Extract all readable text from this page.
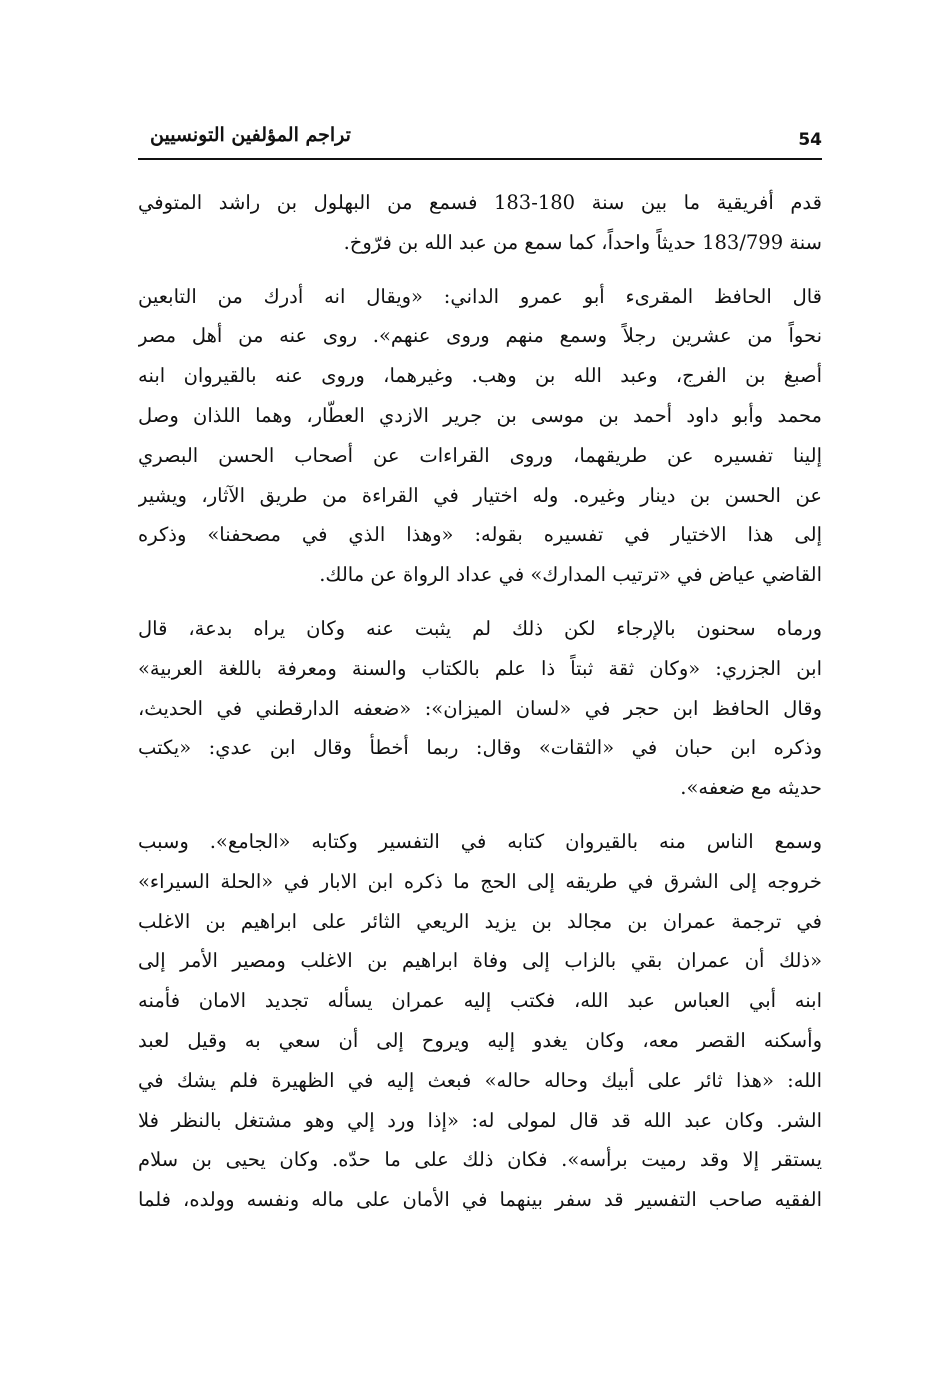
54
تراجم المؤلفين التونسيين
قدم أفريقية ما بين سنة 180-183 فسمع من البهلول بن راشد المتوفي
سنة 183/799 حديثاً واحداً، كما سمع من عبد الله بن فرّوخ.
قال الحافظ المقرىء أبو عمرو الداني: «ويقال انه أدرك من التابعين
نحواً من عشرين رجلاً وسمع منهم وروى عنهم». روى عنه من أهل مصر
أصبغ بن الفرج، وعبد الله بن وهب. وغيرهما، وروى عنه بالقيروان ابنه
محمد وأبو داود أحمد بن موسى بن جرير الازدي العطّار، وهما اللذان وصل
إلينا تفسيره عن طريقهما، وروى القراءات عن أصحاب الحسن البصري
عن الحسن بن دينار وغيره. وله اختيار في القراءة من طريق الآثار، ويشير
إلى هذا الاختيار في تفسيره بقوله: «وهذا الذي في مصحفنا» وذكره
القاضي عياض في «ترتيب المدارك» في عداد الرواة عن مالك.
ورماه سحنون بالإرجاء لكن ذلك لم يثبت عنه وكان يراه بدعة، قال
ابن الجزري: «وكان ثقة ثبتاً ذا علم بالكتاب والسنة ومعرفة باللغة العربية»
وقال الحافظ ابن حجر في «لسان الميزان»: «ضعفه الدارقطني في الحديث،
وذكره ابن حبان في «الثقات» وقال: ربما أخطأ وقال ابن عدي: «يكتب
حديثه مع ضعفه».
وسمع الناس منه بالقيروان كتابه في التفسير وكتابه «الجامع». وسبب
خروجه إلى الشرق في طريقه إلى الحج ما ذكره ابن الابار في «الحلة السيراء»
في ترجمة عمران بن مجالد بن يزيد الريعي الثائر على ابراهيم بن الاغلب
«ذلك أن عمران بقي بالزاب إلى وفاة ابراهيم بن الاغلب ومصير الأمر إلى
ابنه أبي العباس عبد الله، فكتب إليه عمران يسأله تجديد الامان فأمنه
وأسكنه القصر معه، وكان يغدو إليه ويروح إلى أن سعي به وقيل لعبد
الله: «هذا ثائر على أبيك وحاله حاله» فبعث إليه في الظهيرة فلم يشك في
الشر. وكان عبد الله قد قال لمولى له: «إذا ورد إلي وهو مشتغل بالنظر فلا
يستقر إلا وقد رميت برأسه». فكان ذلك على ما حدّه. وكان يحيى بن سلام
الفقيه صاحب التفسير قد سفر بينهما في الأمان على ماله ونفسه وولده، فلما
